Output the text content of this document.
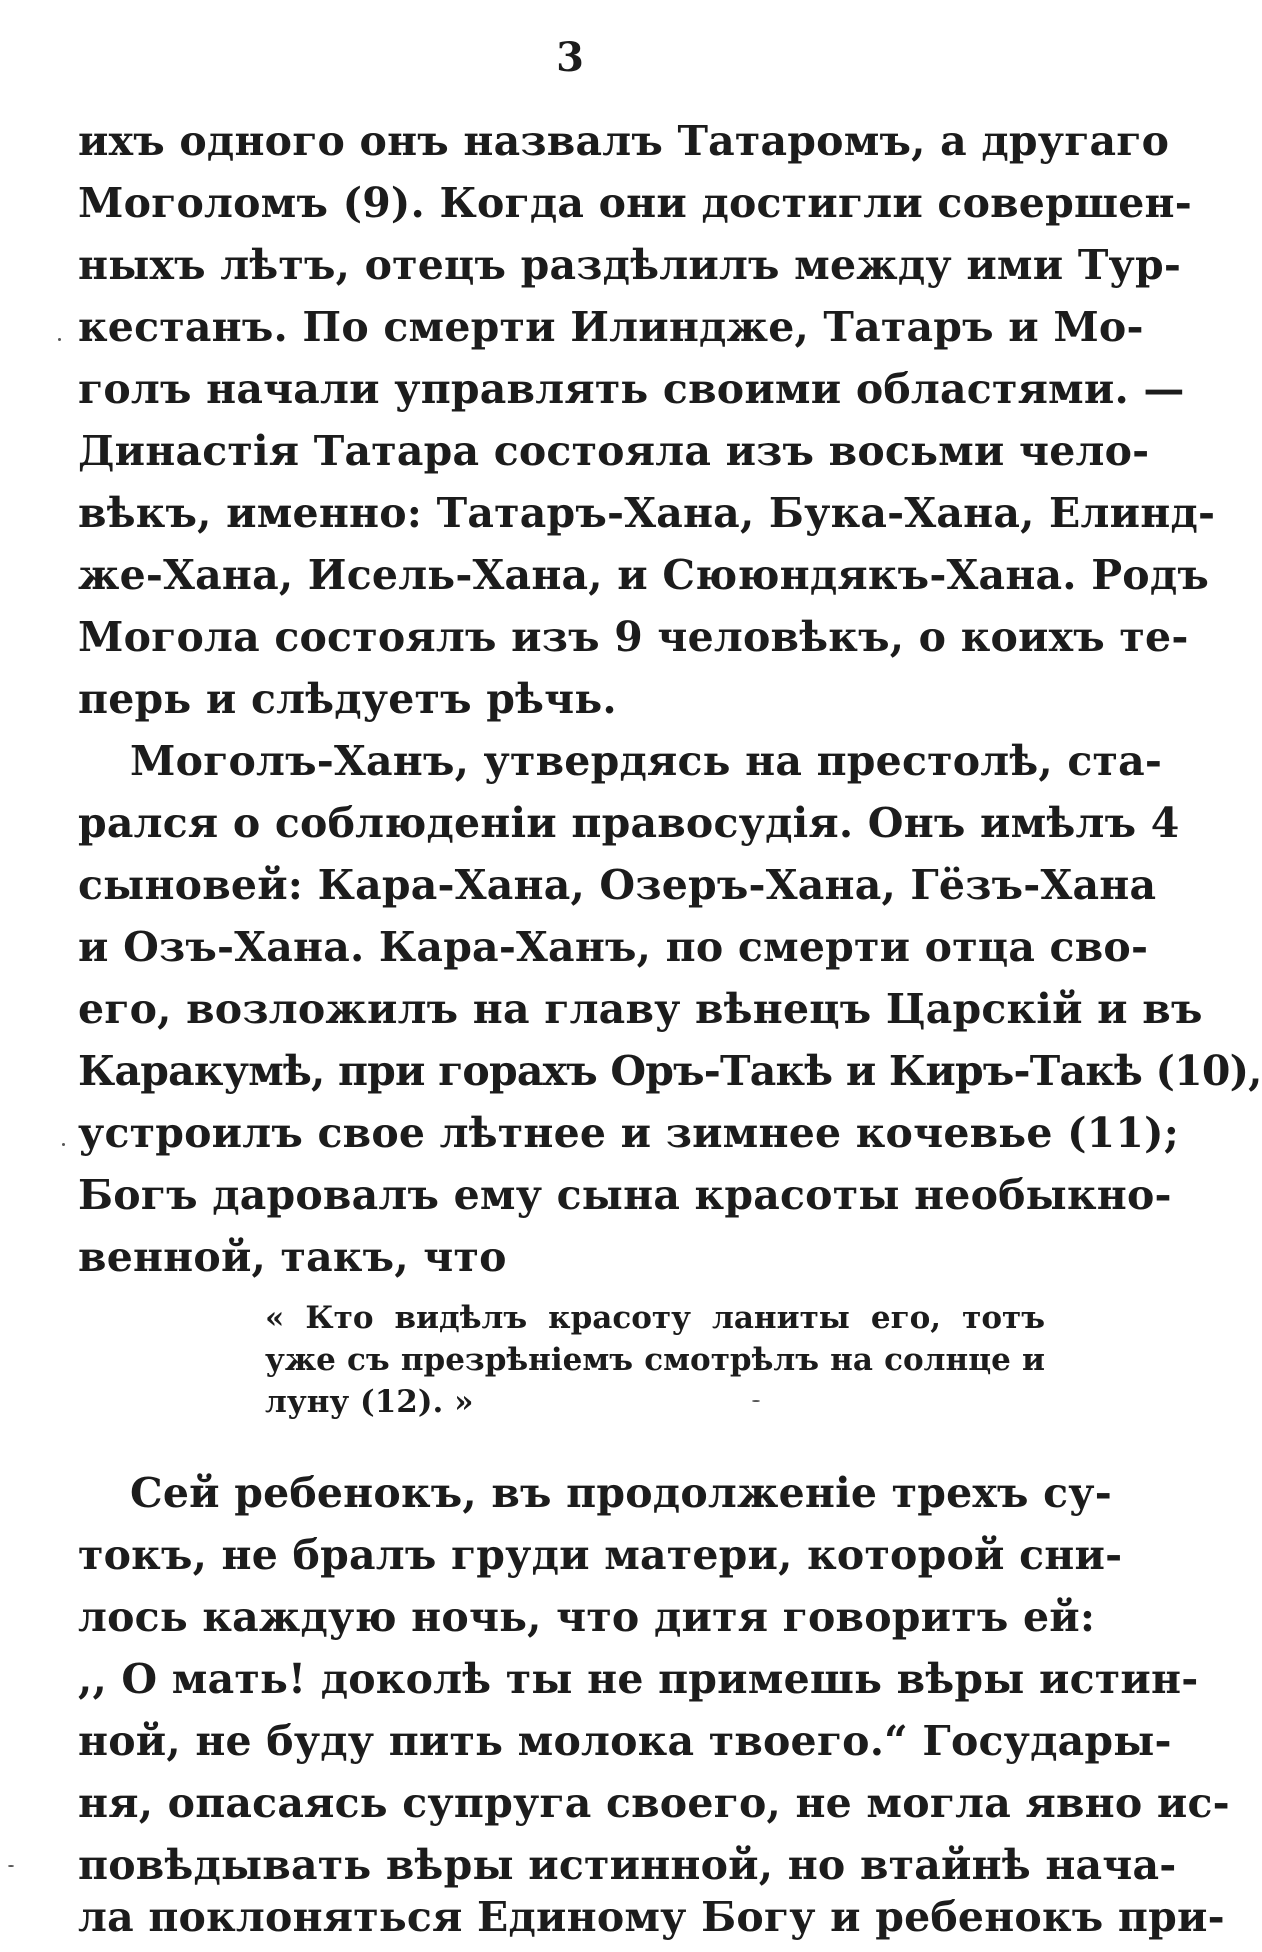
3
ихъ одного онъ назвалъ Татаромъ, а другаго
Моголомъ (9). Когда они достигли совершен-
ныхъ лѣтъ, отецъ раздѣлилъ между ими Тур-
кестанъ. По смерти Илиндже, Татаръ и Мо-
голъ начали управлять своими областями. —
Династія Татара состояла изъ восьми чело-
вѣкъ, именно: Татаръ-Хана, Бука-Хана, Елинд-
же-Хана, Исель-Хана, и Сююндякъ-Хана. Родъ
Могола состоялъ изъ 9 человѣкъ, о коихъ те-
перь и слѣдуетъ рѣчь.
Моголъ-Ханъ, утвердясь на престолѣ, ста-
рался о соблюденіи правосудія. Онъ имѣлъ 4
сыновей: Кара-Хана, Озеръ-Хана, Гёзъ-Хана
и Озъ-Хана. Кара-Ханъ, по смерти отца сво-
его, возложилъ на главу вѣнецъ Царскій и въ
Каракумѣ, при горахъ Оръ-Такѣ и Киръ-Такѣ (10),
устроилъ свое лѣтнее и зимнее кочевье (11);
Богъ даровалъ ему сына красоты необыкно-
венной, такъ, что
« Кто видѣлъ красоту ланиты его, тотъ
уже съ презрѣніемъ смотрѣлъ на солнце и
луну (12). »
Сей ребенокъ, въ продолженіе трехъ су-
токъ, не бралъ груди матери, которой сни-
лось каждую ночь, что дитя говоритъ ей:
,, О мать! доколѣ ты не примешь вѣры истин-
ной, не буду пить молока твоего.“ Государы-
ня, опасаясь супруга своего, не могла явно ис-
повѣдывать вѣры истинной, но втайнѣ нача-
ла поклоняться Единому Богу и ребенокъ при-
